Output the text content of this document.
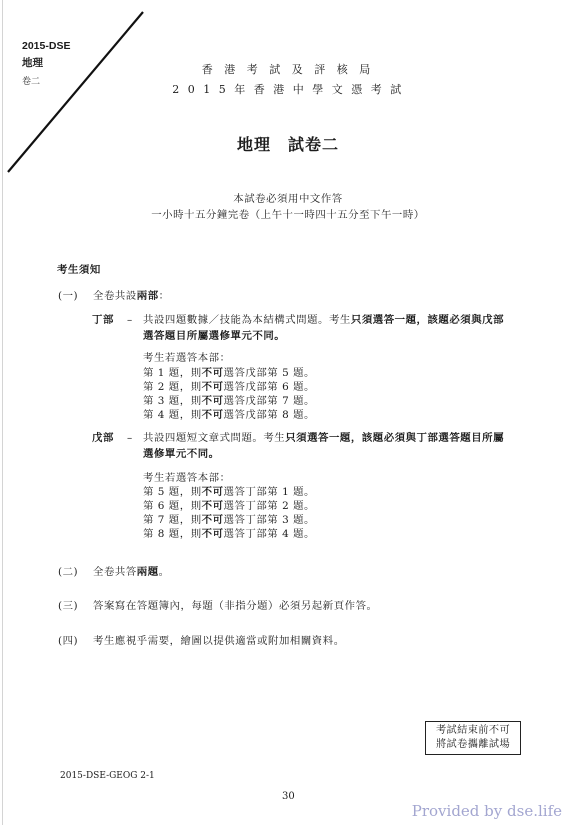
2015-DSE
地理
卷二
香 港 考 試 及 評 核 局
2 0 1 5 年 香 港 中 學 文 憑 考 試
地理　試卷二
本試卷必須用中文作答
一小時十五分鐘完卷（上午十一時四十五分至下午一時）
考生須知
(一) 全卷共設兩部：
丁部 – 共設四題數據／技能為本結構式問題。考生只須選答一題，該題必須與戊部
選答題目所屬選修單元不同。
考生若選答本部：
第 1 題，則不可選答戊部第 5 題。
第 2 題，則不可選答戊部第 6 題。
第 3 題，則不可選答戊部第 7 題。
第 4 題，則不可選答戊部第 8 題。
戊部 – 共設四題短文章式問題。考生只須選答一題，該題必須與丁部選答題目所屬
選修單元不同。
考生若選答本部：
第 5 題，則不可選答丁部第 1 題。
第 6 題，則不可選答丁部第 2 題。
第 7 題，則不可選答丁部第 3 題。
第 8 題，則不可選答丁部第 4 題。
(二) 全卷共答兩題。
(三) 答案寫在答題簿內，每題（非指分題）必須另起新頁作答。
(四) 考生應視乎需要，繪圖以提供適當或附加相關資料。
考試結束前不可
將試卷攜離試場
2015-DSE-GEOG 2-1
30
Provided by dse.life
